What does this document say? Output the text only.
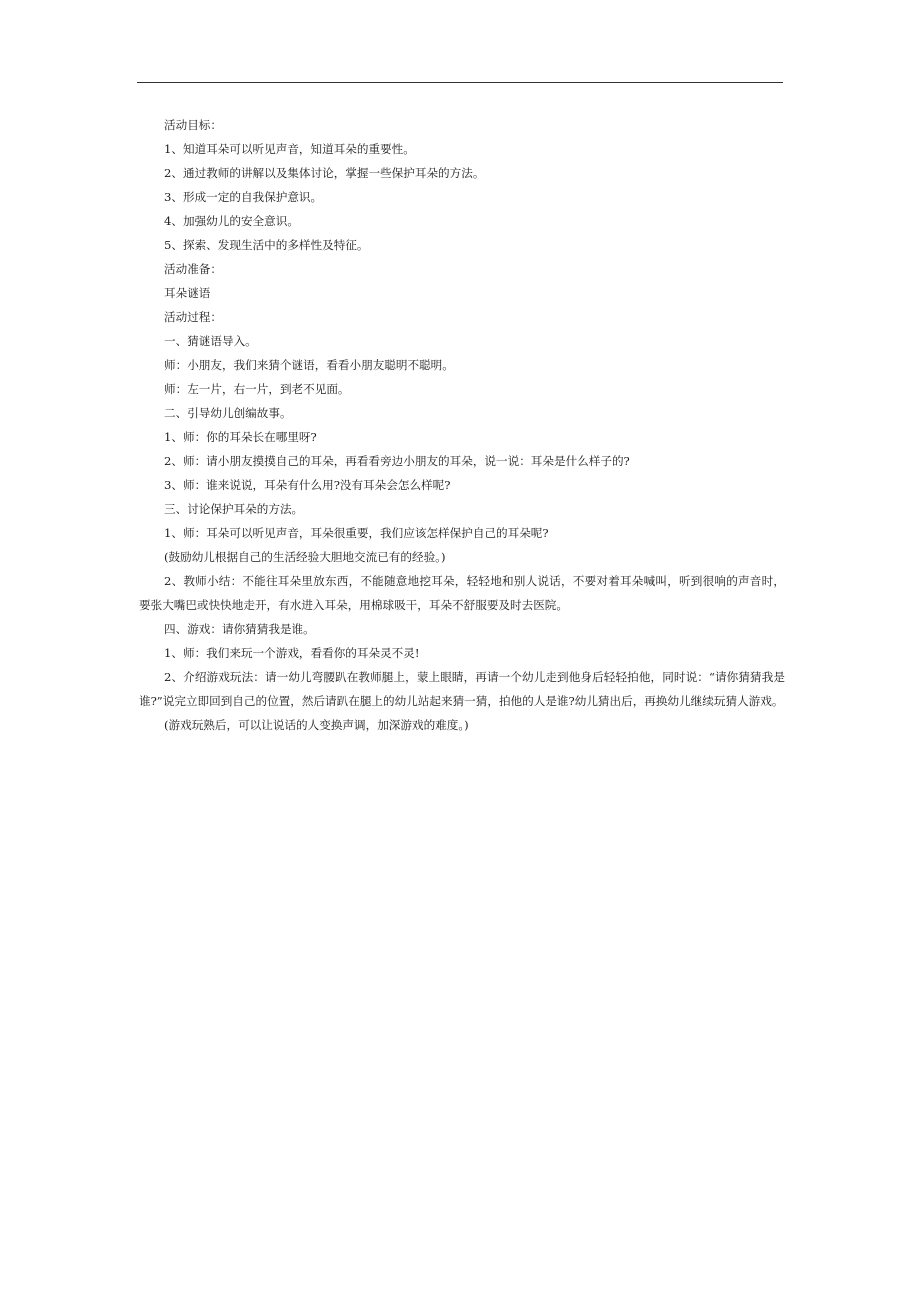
活动目标：

1、知道耳朵可以听见声音，知道耳朵的重要性。

2、通过教师的讲解以及集体讨论，掌握一些保护耳朵的方法。

3、形成一定的自我保护意识。

4、加强幼儿的安全意识。

5、探索、发现生活中的多样性及特征。

活动准备：

耳朵谜语

活动过程：

一、猜谜语导入。

师：小朋友，我们来猜个谜语，看看小朋友聪明不聪明。

师：左一片，右一片，到老不见面。

二、引导幼儿创编故事。

1、师：你的耳朵长在哪里呀?

2、师：请小朋友摸摸自己的耳朵，再看看旁边小朋友的耳朵，说一说：耳朵是什么样子的?

3、师：谁来说说，耳朵有什么用?没有耳朵会怎么样呢?

三、讨论保护耳朵的方法。

1、师：耳朵可以听见声音，耳朵很重要，我们应该怎样保护自己的耳朵呢?

(鼓励幼儿根据自己的生活经验大胆地交流已有的经验。)

2、教师小结：不能往耳朵里放东西，不能随意地挖耳朵，轻轻地和别人说话，不要对着耳朵喊叫，听到很响的声音时，要张大嘴巴或快快地走开，有水进入耳朵，用棉球吸干，耳朵不舒服要及时去医院。

四、游戏：请你猜猜我是谁。

1、师：我们来玩一个游戏，看看你的耳朵灵不灵!

2、介绍游戏玩法：请一幼儿弯腰趴在教师腿上，蒙上眼睛，再请一个幼儿走到他身后轻轻拍他，同时说：“请你猜猜我是谁?”说完立即回到自己的位置，然后请趴在腿上的幼儿站起来猜一猜，拍他的人是谁?幼儿猜出后，再换幼儿继续玩猜人游戏。

(游戏玩熟后，可以让说话的人变换声调，加深游戏的难度。)
